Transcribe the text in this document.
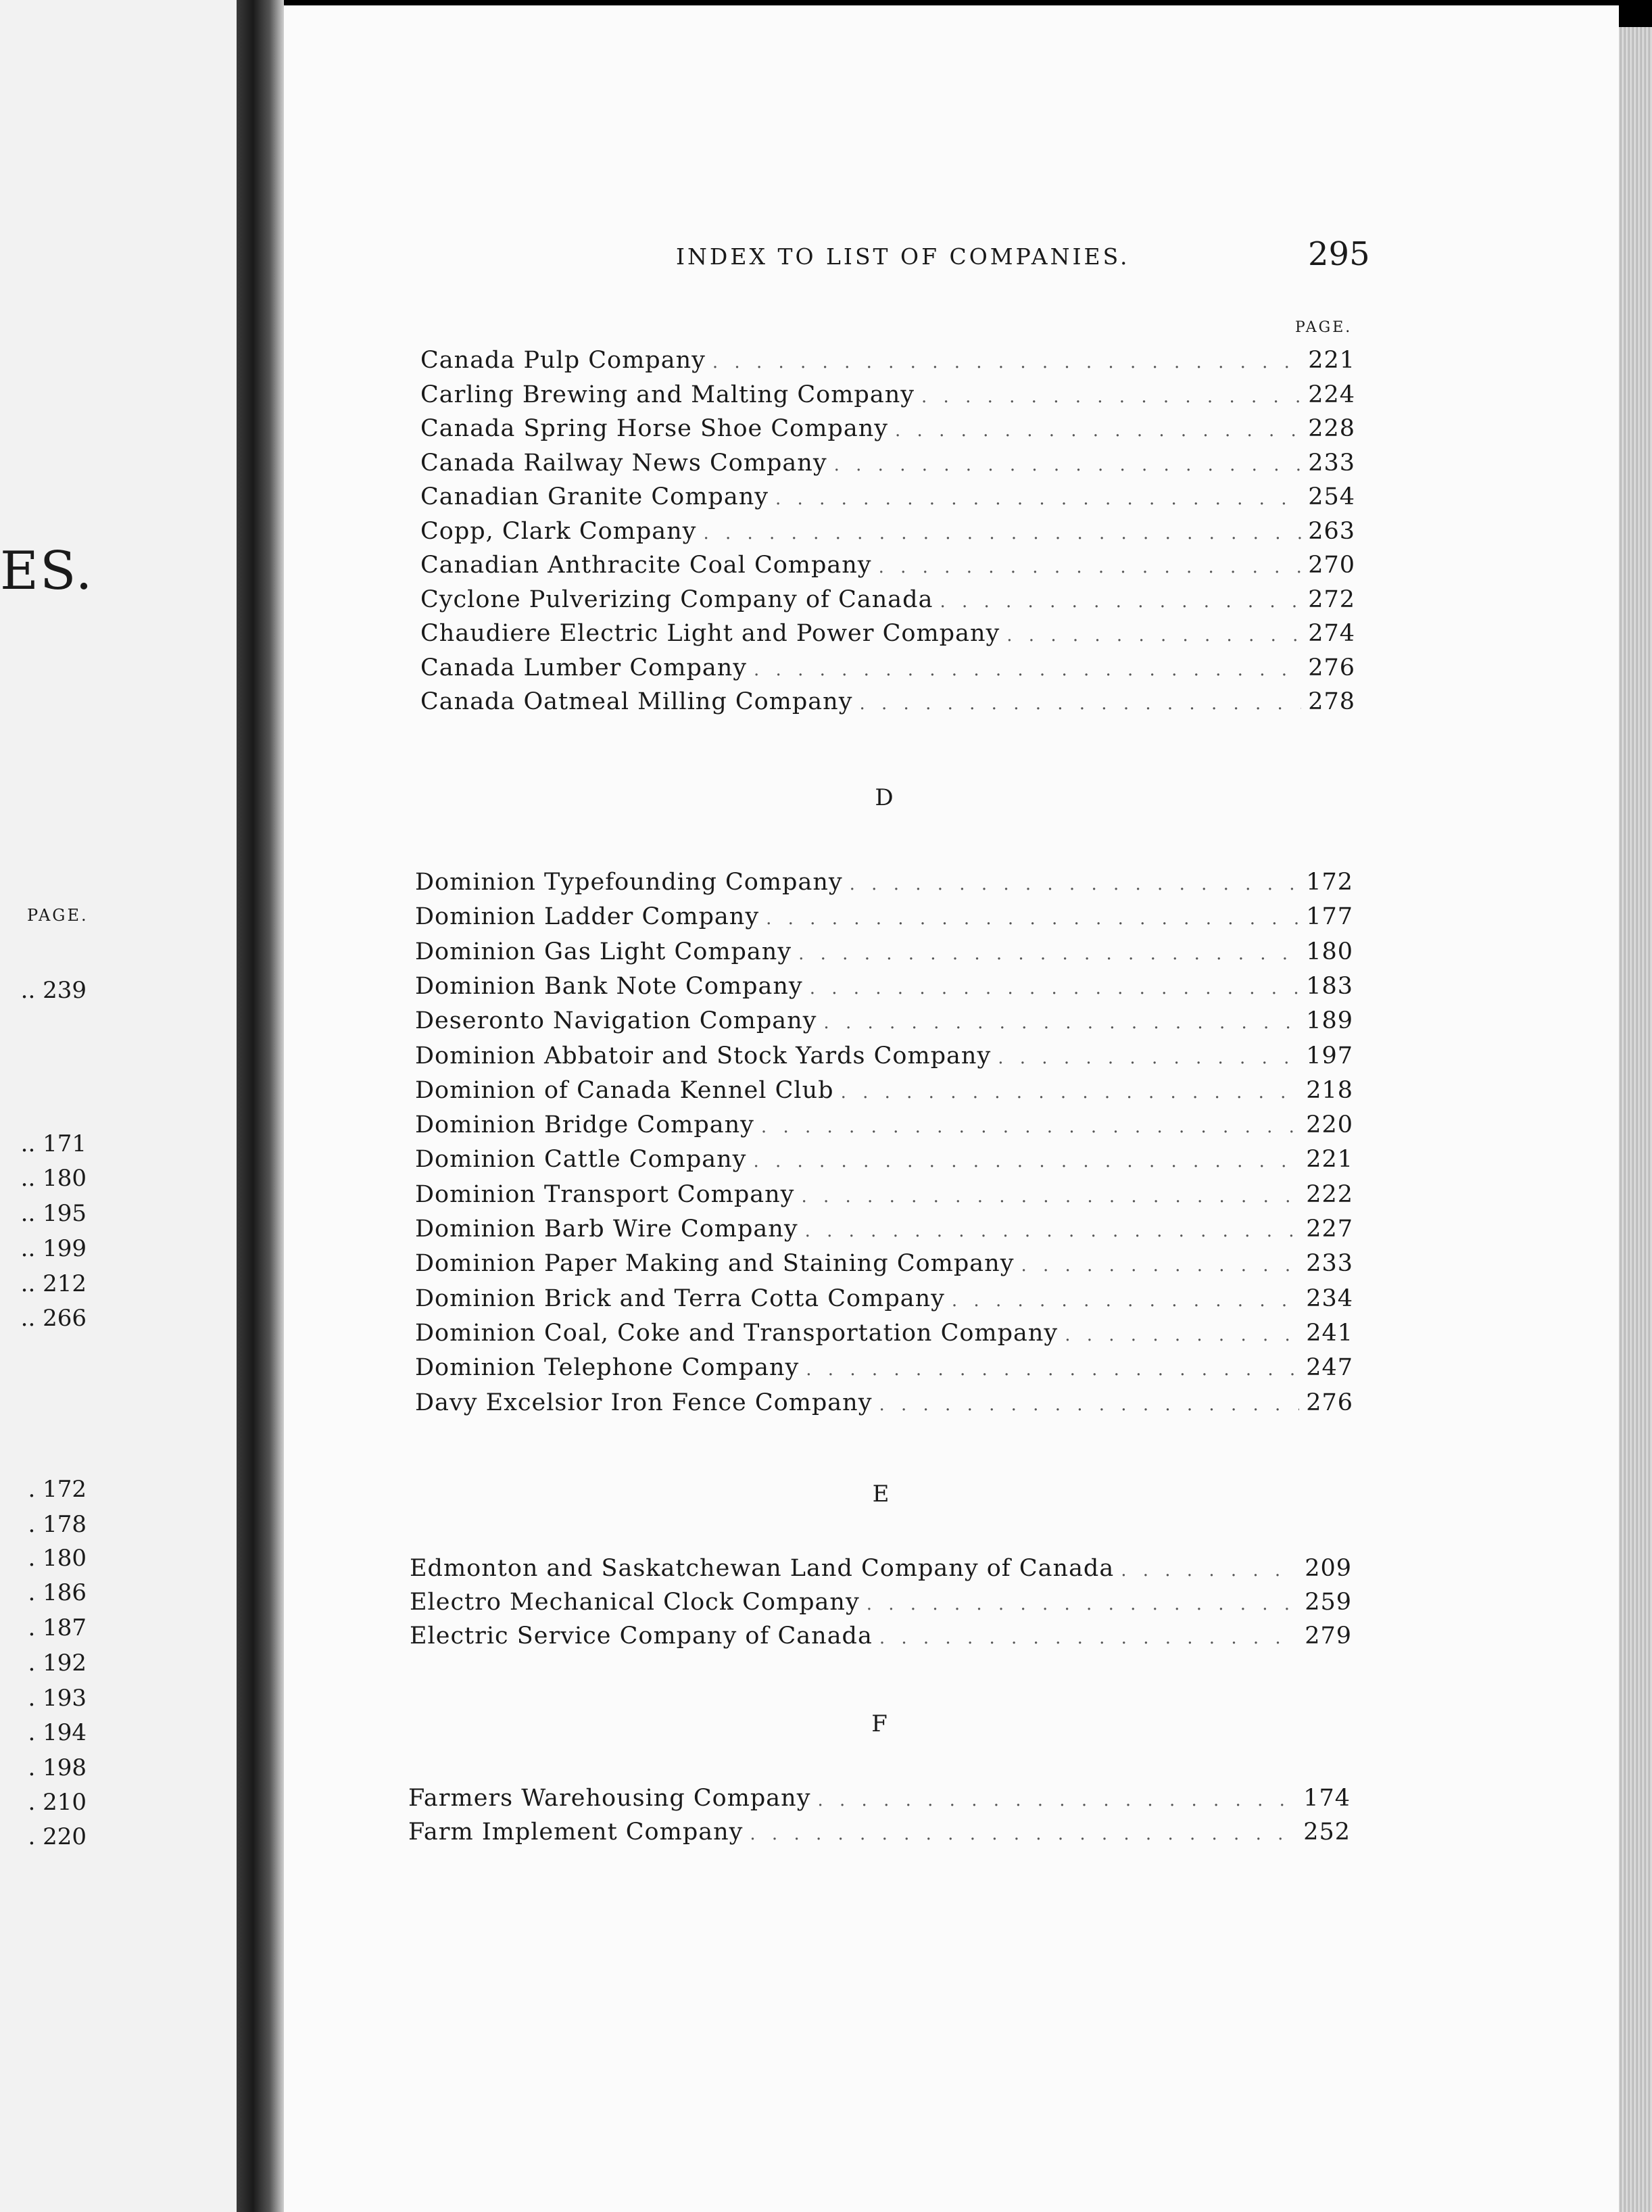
ES.
PAGE.
.. 239
.. 171
.. 180
.. 195
.. 199
.. 212
.. 266
. 172
. 178
. 180
. 186
. 187
. 192
. 193
. 194
. 198
. 210
. 220
INDEX TO LIST OF COMPANIES.	295
PAGE.
Canada Pulp Company . . .	221
Carling Brewing and Malting Company . . .	224
Canada Spring Horse Shoe Company . . .	228
Canada Railway News Company . . .	233
Canadian Granite Company . . .	254
Copp, Clark Company . . .	263
Canadian Anthracite Coal Company . . .	270
Cyclone Pulverizing Company of Canada . . .	272
Chaudiere Electric Light and Power Company . . .	274
Canada Lumber Company . . .	276
Canada Oatmeal Milling Company . . .	278
D
Dominion Typefounding Company . . .	172
Dominion Ladder Company . . .	177
Dominion Gas Light Company . . .	180
Dominion Bank Note Company . . .	183
Deseronto Navigation Company . . .	189
Dominion Abbatoir and Stock Yards Company . . .	197
Dominion of Canada Kennel Club . . .	218
Dominion Bridge Company . . .	220
Dominion Cattle Company . . .	221
Dominion Transport Company . . .	222
Dominion Barb Wire Company . . .	227
Dominion Paper Making and Staining Company . . .	233
Dominion Brick and Terra Cotta Company . . .	234
Dominion Coal, Coke and Transportation Company . . .	241
Dominion Telephone Company . . .	247
Davy Excelsior Iron Fence Company . . .	276
E
Edmonton and Saskatchewan Land Company of Canada . . .	209
Electro Mechanical Clock Company . . .	259
Electric Service Company of Canada . . .	279
F
Farmers Warehousing Company . . .	174
Farm Implement Company . . .	252
